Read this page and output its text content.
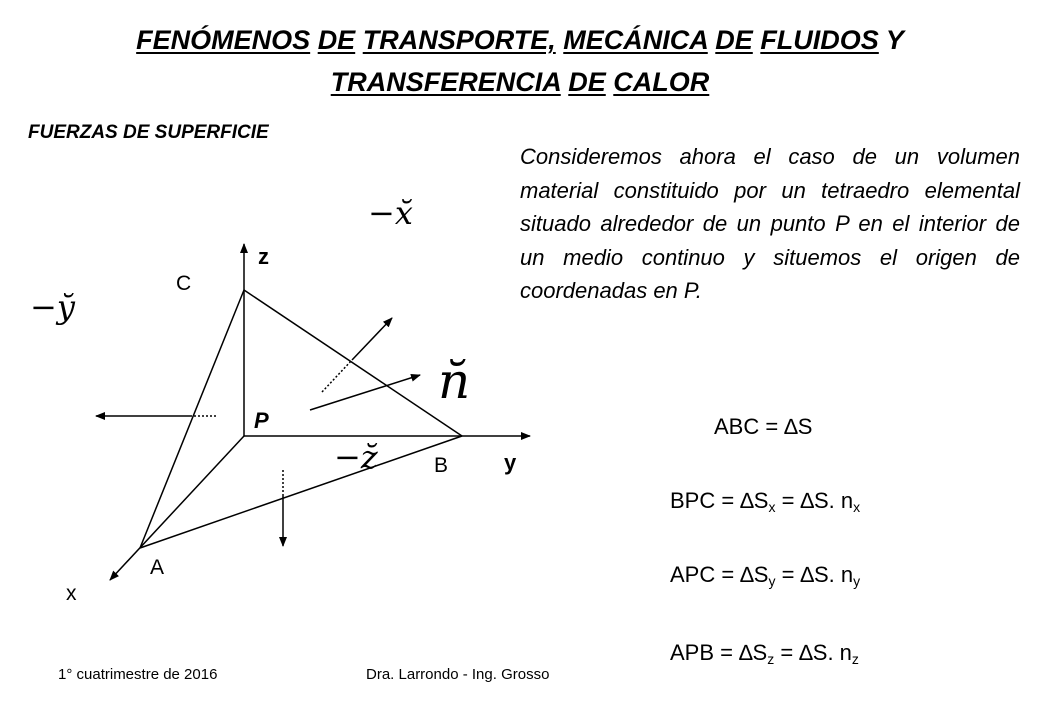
FENÓMENOS DE TRANSPORTE, MECÁNICA DE FLUIDOS Y
TRANSFERENCIA DE CALOR
FUERZAS DE SUPERFICIE
Consideremos ahora el caso de un volumen material constituido por un tetraedro elemental situado alrededor de un punto P en el interior de un medio continuo y situemos el origen de coordenadas en P.
z
y
x
A
B
C
P
−x̆
−y̆
−z̆
n̆
ABC = ∆S
BPC = $\Delta S_x = \Delta S$. $n_x$
APC = $\Delta S_y = \Delta S$. $n_y$
APB = $\Delta S_z = \Delta S$. $n_z$
1° cuatrimestre de 2016	Dra. Larrondo - Ing. Grosso
